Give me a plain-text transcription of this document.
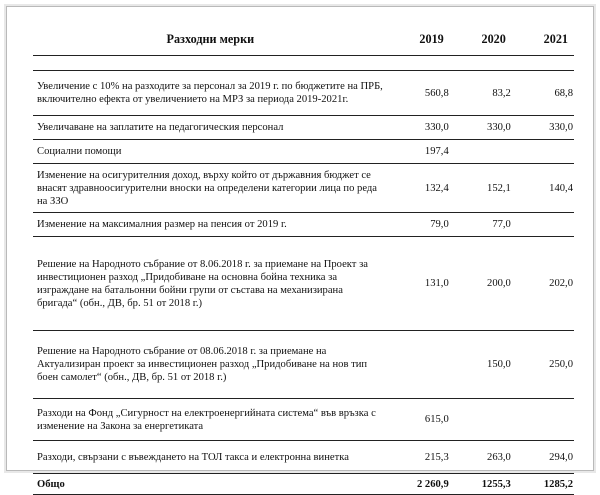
Разходни мерки	2019	2020	2021

Увеличение с 10% на разходите за персонал за 2019 г. по бюджетите на ПРБ, включително ефекта от увеличението на МРЗ за периода 2019-2021г.	560,8	83,2	68,8
Увеличаване на заплатите на педагогическия персонал	330,0	330,0	330,0
Социални помощи	197,4		
Изменение на осигурителния доход, върху който от държавния бюджет се внасят здравноосигурителни вноски на определени категории лица по реда на ЗЗО	132,4	152,1	140,4
Изменение на максималния размер на пенсия от 2019 г.	79,0	77,0	
Решение на Народното събрание от 8.06.2018 г. за приемане на Проект за инвестиционен разход „Придобиване на основна бойна техника за изграждане на батальонни бойни групи от състава на механизирана бригада“ (обн., ДВ, бр. 51 от 2018 г.)	131,0	200,0	202,0
Решение на Народното събрание от 08.06.2018 г. за приемане на Актуализиран проект за инвестиционен разход „Придобиване на нов тип боен самолет“ (обн., ДВ, бр. 51 от 2018 г.)		150,0	250,0
Разходи на Фонд „Сигурност на електроенергийната система“ във връзка с изменение на Закона за енергетиката	615,0		
Разходи, свързани с въвеждането на ТОЛ такса и електронна винетка	215,3	263,0	294,0
Общо	2 260,9	1255,3	1285,2
